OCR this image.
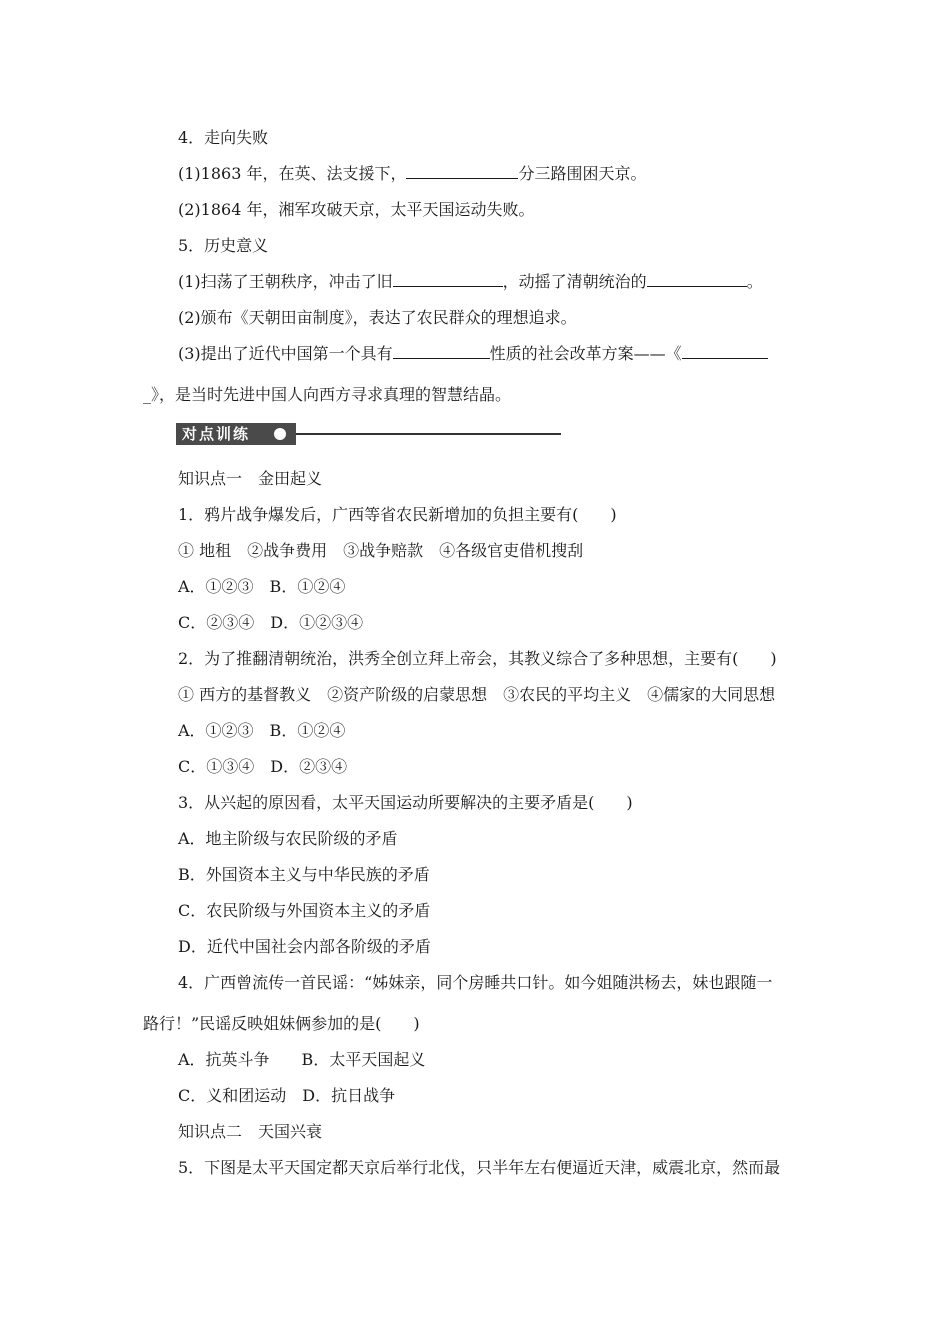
4．走向失败
(1)1863 年，在英、法支援下，	分三路围困天京。
(2)1864 年，湘军攻破天京，太平天国运动失败。
5．历史意义
(1)扫荡了王朝秩序，冲击了旧	，动摇了清朝统治的	。
(2)颁布《天朝田亩制度》，表达了农民群众的理想追求。
(3)提出了近代中国第一个具有	性质的社会改革方案——《
_》，是当时先进中国人向西方寻求真理的智慧结晶。
对点训练
知识点一　金田起义
1．鸦片战争爆发后，广西等省农民新增加的负担主要有(　　)
① 地租　②战争费用　③战争赔款　④各级官吏借机搜刮
A．①②③　B．①②④
C．②③④　D．①②③④
2．为了推翻清朝统治，洪秀全创立拜上帝会，其教义综合了多种思想，主要有(　　)
① 西方的基督教义　②资产阶级的启蒙思想　③农民的平均主义　④儒家的大同思想
A．①②③　B．①②④
C．①③④　D．②③④
3．从兴起的原因看，太平天国运动所要解决的主要矛盾是(　　)
A．地主阶级与农民阶级的矛盾
B．外国资本主义与中华民族的矛盾
C．农民阶级与外国资本主义的矛盾
D．近代中国社会内部各阶级的矛盾
4．广西曾流传一首民谣：“姊妹亲，同个房睡共口针。如今姐随洪杨去，妹也跟随一
路行！”民谣反映姐妹俩参加的是(　　)
A．抗英斗争　　B．太平天国起义
C．义和团运动　D．抗日战争
知识点二　天国兴衰
5．下图是太平天国定都天京后举行北伐，只半年左右便逼近天津，威震北京，然而最
